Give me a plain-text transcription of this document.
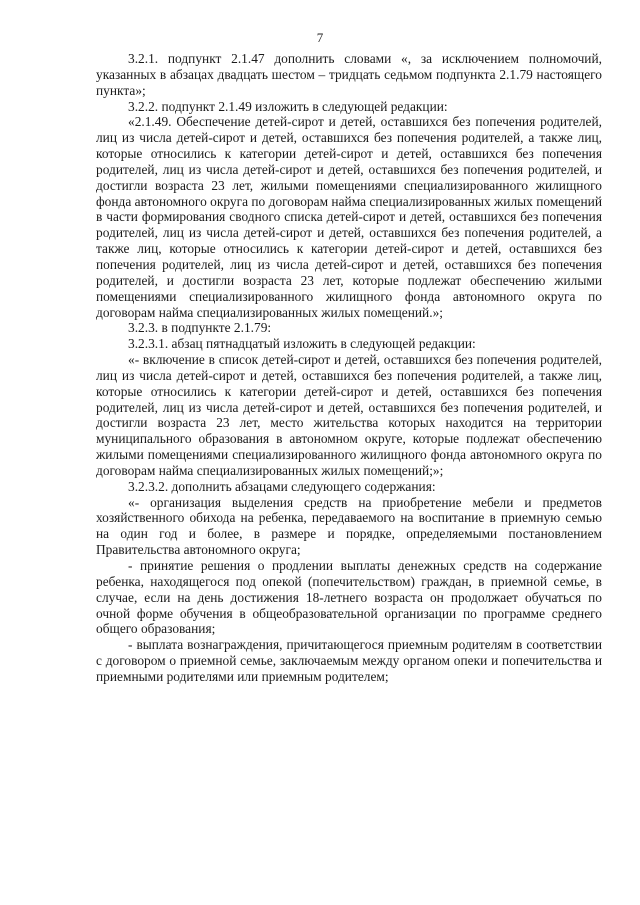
7

3.2.1. подпункт 2.1.47 дополнить словами «, за исключением полномочий, указанных в абзацах двадцать шестом – тридцать седьмом подпункта 2.1.79 настоящего пункта»;

3.2.2. подпункт 2.1.49 изложить в следующей редакции:

«2.1.49. Обеспечение детей-сирот и детей, оставшихся без попечения родителей, лиц из числа детей-сирот и детей, оставшихся без попечения родителей, а также лиц, которые относились к категории детей-сирот и детей, оставшихся без попечения родителей, лиц из числа детей-сирот и детей, оставшихся без попечения родителей, и достигли возраста 23 лет, жилыми помещениями специализированного жилищного фонда автономного округа по договорам найма специализированных жилых помещений в части формирования сводного списка детей-сирот и детей, оставшихся без попечения родителей, лиц из числа детей-сирот и детей, оставшихся без попечения родителей, а также лиц, которые относились к категории детей-сирот и детей, оставшихся без попечения родителей, лиц из числа детей-сирот и детей, оставшихся без попечения родителей, и достигли возраста 23 лет, которые подлежат обеспечению жилыми помещениями специализированного жилищного фонда автономного округа по договорам найма специализированных жилых помещений.»;

3.2.3. в подпункте 2.1.79:

3.2.3.1. абзац пятнадцатый изложить в следующей редакции:

«- включение в список детей-сирот и детей, оставшихся без попечения родителей, лиц из числа детей-сирот и детей, оставшихся без попечения родителей, а также лиц, которые относились к категории детей-сирот и детей, оставшихся без попечения родителей, лиц из числа детей-сирот и детей, оставшихся без попечения родителей, и достигли возраста 23 лет, место жительства которых находится на территории муниципального образования в автономном округе, которые подлежат обеспечению жилыми помещениями специализированного жилищного фонда автономного округа по договорам найма специализированных жилых помещений;»;

3.2.3.2. дополнить абзацами следующего содержания:

«- организация выделения средств на приобретение мебели и предметов хозяйственного обихода на ребенка, передаваемого на воспитание в приемную семью на один год и более, в размере и порядке, определяемыми постановлением Правительства автономного округа;

- принятие решения о продлении выплаты денежных средств на содержание ребенка, находящегося под опекой (попечительством) граждан, в приемной семье, в случае, если на день достижения 18-летнего возраста он продолжает обучаться по очной форме обучения в общеобразовательной организации по программе среднего общего образования;

- выплата вознаграждения, причитающегося приемным родителям в соответствии с договором о приемной семье, заключаемым между органом опеки и попечительства и приемными родителями или приемным родителем;
